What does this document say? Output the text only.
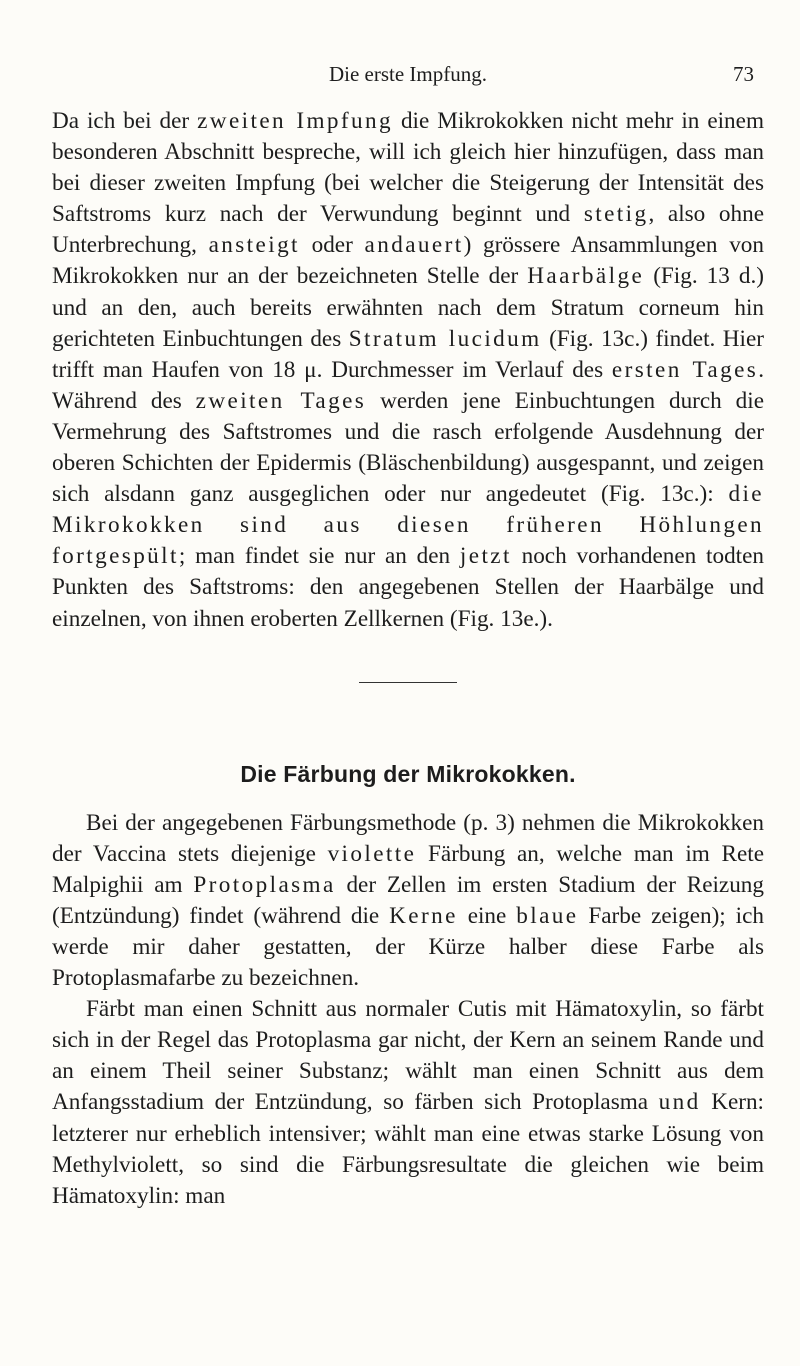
Die erste Impfung.	73

Da ich bei der zweiten Impfung die Mikrokokken nicht mehr in einem besonderen Abschnitt bespreche, will ich gleich hier hinzufügen, dass man bei dieser zweiten Impfung (bei welcher die Steigerung der Intensität des Saftstroms kurz nach der Verwundung beginnt und stetig, also ohne Unterbrechung, ansteigt oder andauert) grössere Ansammlungen von Mikrokokken nur an der bezeichneten Stelle der Haarbälge (Fig. 13 d.) und an den, auch bereits erwähnten nach dem Stratum corneum hin gerichteten Einbuchtungen des Stratum lucidum (Fig. 13c.) findet. Hier trifft man Haufen von 18 μ. Durchmesser im Verlauf des ersten Tages. Während des zweiten Tages werden jene Einbuchtungen durch die Vermehrung des Saftstromes und die rasch erfolgende Ausdehnung der oberen Schichten der Epidermis (Bläschenbildung) ausgespannt, und zeigen sich alsdann ganz ausgeglichen oder nur angedeutet (Fig. 13c.): die Mikrokokken sind aus diesen früheren Höhlungen fortgespült; man findet sie nur an den jetzt noch vorhandenen todten Punkten des Saftstroms: den angegebenen Stellen der Haarbälge und einzelnen, von ihnen eroberten Zellkernen (Fig. 13e.).

Die Färbung der Mikrokokken.

Bei der angegebenen Färbungsmethode (p. 3) nehmen die Mikrokokken der Vaccina stets diejenige violette Färbung an, welche man im Rete Malpighii am Protoplasma der Zellen im ersten Stadium der Reizung (Entzündung) findet (während die Kerne eine blaue Farbe zeigen); ich werde mir daher gestatten, der Kürze halber diese Farbe als Protoplasmafarbe zu bezeichnen.

Färbt man einen Schnitt aus normaler Cutis mit Hämatoxylin, so färbt sich in der Regel das Protoplasma gar nicht, der Kern an seinem Rande und an einem Theil seiner Substanz; wählt man einen Schnitt aus dem Anfangsstadium der Entzündung, so färben sich Protoplasma und Kern: letzterer nur erheblich intensiver; wählt man eine etwas starke Lösung von Methylviolett, so sind die Färbungsresultate die gleichen wie beim Hämatoxylin: man
